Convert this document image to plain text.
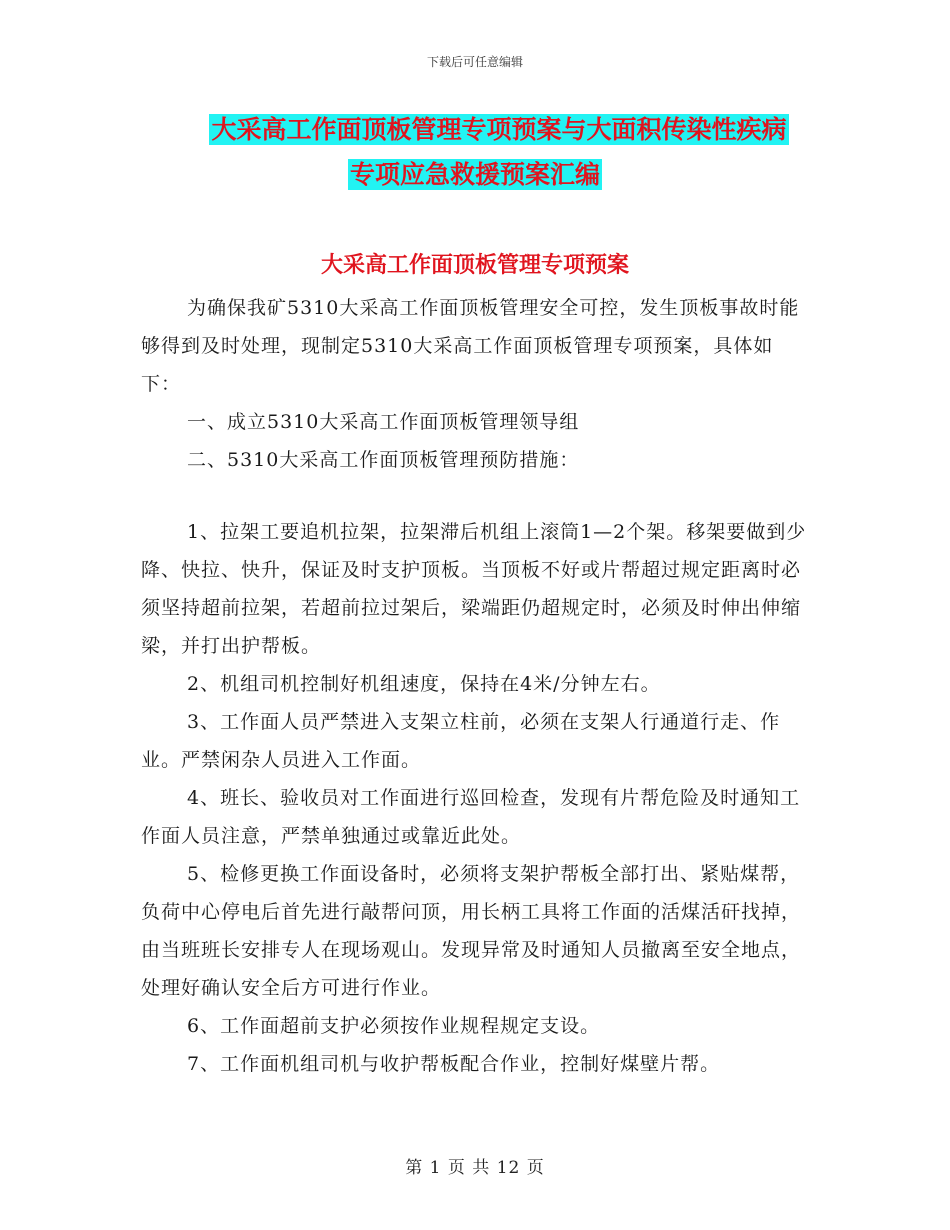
下载后可任意编辑
大采高工作面顶板管理专项预案与大面积传染性疾病
专项应急救援预案汇编
大采高工作面顶板管理专项预案

为确保我矿5310大采高工作面顶板管理安全可控，发生顶板事故时能够得到及时处理，现制定5310大采高工作面顶板管理专项预案，具体如下：

一、成立5310大采高工作面顶板管理领导组

二、5310大采高工作面顶板管理预防措施：

1、拉架工要追机拉架，拉架滞后机组上滚筒1—2个架。移架要做到少降、快拉、快升，保证及时支护顶板。当顶板不好或片帮超过规定距离时必须坚持超前拉架，若超前拉过架后，梁端距仍超规定时，必须及时伸出伸缩梁，并打出护帮板。

2、机组司机控制好机组速度，保持在4米/分钟左右。

3、工作面人员严禁进入支架立柱前，必须在支架人行通道行走、作业。严禁闲杂人员进入工作面。

4、班长、验收员对工作面进行巡回检查，发现有片帮危险及时通知工作面人员注意，严禁单独通过或靠近此处。

5、检修更换工作面设备时，必须将支架护帮板全部打出、紧贴煤帮，负荷中心停电后首先进行敲帮问顶，用长柄工具将工作面的活煤活矸找掉，由当班班长安排专人在现场观山。发现异常及时通知人员撤离至安全地点，处理好确认安全后方可进行作业。

6、工作面超前支护必须按作业规程规定支设。

7、工作面机组司机与收护帮板配合作业，控制好煤壁片帮。

第 1 页 共 12 页
